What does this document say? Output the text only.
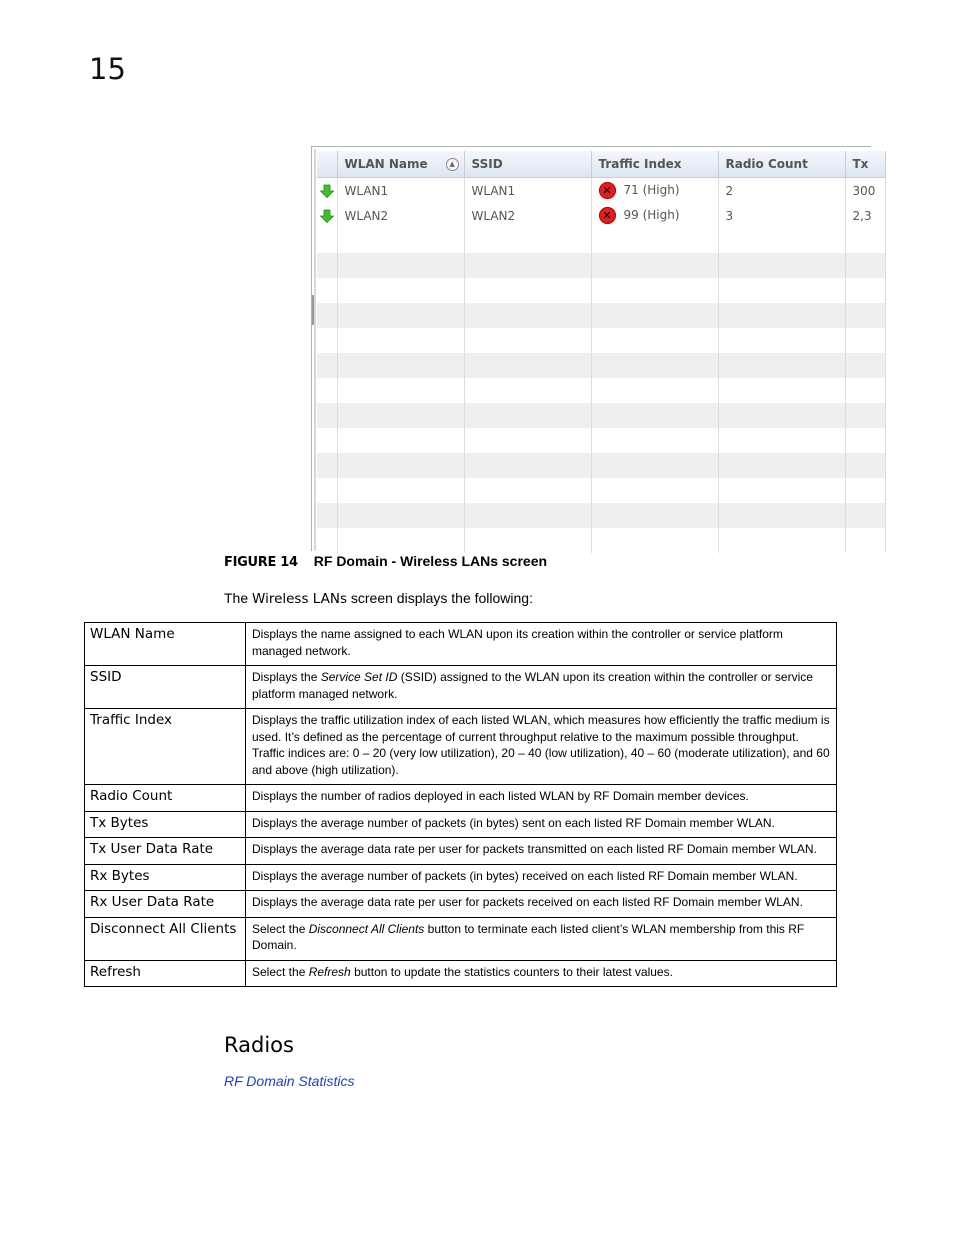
15
	WLAN Name ▲	SSID	Traffic Index	Radio Count	Tx
	WLAN1	WLAN1	✕ 71 (High)	2	300
	WLAN2	WLAN2	✕ 99 (High)	3	2,3

FIGURE 14 RF Domain - Wireless LANs screen
The Wireless LANs screen displays the following:
WLAN Name	Displays the name assigned to each WLAN upon its creation within the controller or service platform managed network.
SSID	Displays the Service Set ID (SSID) assigned to the WLAN upon its creation within the controller or service platform managed network.
Traffic Index	Displays the traffic utilization index of each listed WLAN, which measures how efficiently the traffic medium is used. It’s defined as the percentage of current throughput relative to the maximum possible throughput. Traffic indices are: 0 – 20 (very low utilization), 20 – 40 (low utilization), 40 – 60 (moderate utilization), and 60 and above (high utilization).
Radio Count	Displays the number of radios deployed in each listed WLAN by RF Domain member devices.
Tx Bytes	Displays the average number of packets (in bytes) sent on each listed RF Domain member WLAN.
Tx User Data Rate	Displays the average data rate per user for packets transmitted on each listed RF Domain member WLAN.
Rx Bytes	Displays the average number of packets (in bytes) received on each listed RF Domain member WLAN.
Rx User Data Rate	Displays the average data rate per user for packets received on each listed RF Domain member WLAN.
Disconnect All Clients	Select the Disconnect All Clients button to terminate each listed client’s WLAN membership from this RF Domain.
Refresh	Select the Refresh button to update the statistics counters to their latest values.
Radios
RF Domain Statistics
